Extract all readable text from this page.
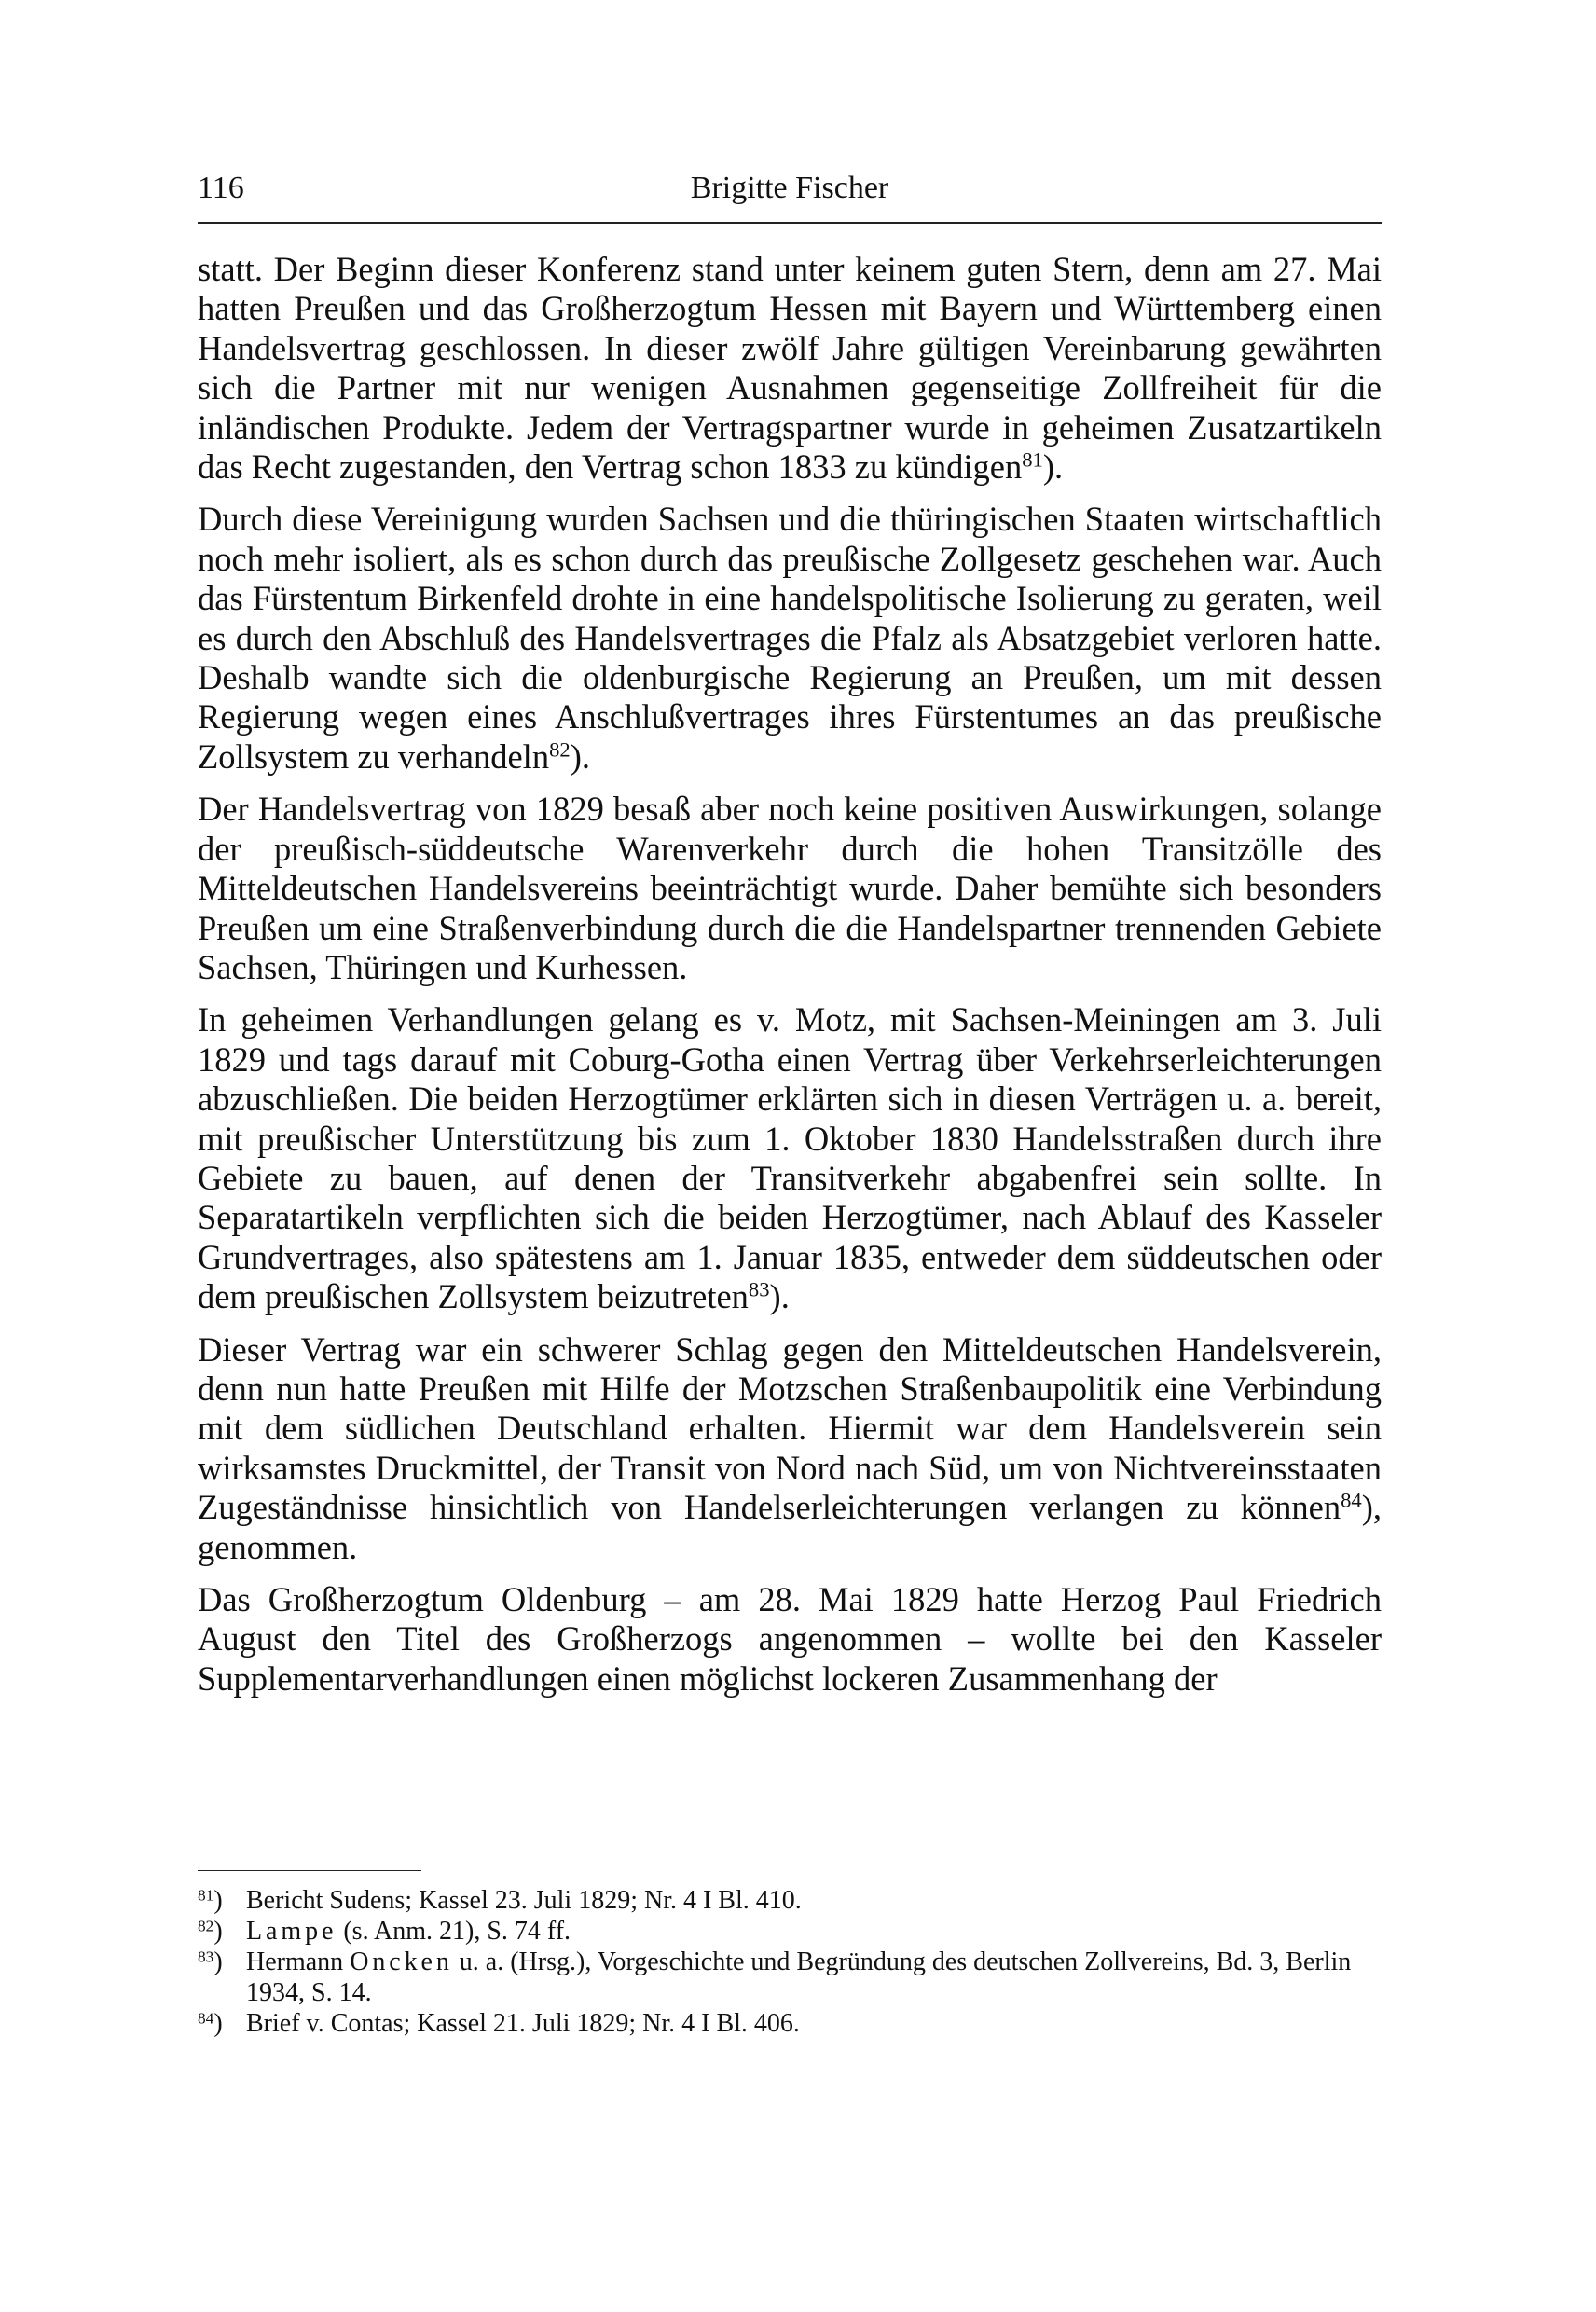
116	Brigitte Fischer

statt. Der Beginn dieser Konferenz stand unter keinem guten Stern, denn am 27. Mai hatten Preußen und das Großherzogtum Hessen mit Bayern und Württemberg einen Handelsvertrag geschlossen. In dieser zwölf Jahre gültigen Vereinbarung gewährten sich die Partner mit nur wenigen Ausnahmen gegenseitige Zollfreiheit für die inländischen Produkte. Jedem der Vertragspartner wurde in geheimen Zusatzartikeln das Recht zugestanden, den Vertrag schon 1833 zu kündigen$^{81}$).

Durch diese Vereinigung wurden Sachsen und die thüringischen Staaten wirtschaftlich noch mehr isoliert, als es schon durch das preußische Zollgesetz geschehen war. Auch das Fürstentum Birkenfeld drohte in eine handelspolitische Isolierung zu geraten, weil es durch den Abschluß des Handelsvertrages die Pfalz als Absatzgebiet verloren hatte. Deshalb wandte sich die oldenburgische Regierung an Preußen, um mit dessen Regierung wegen eines Anschlußvertrages ihres Fürstentumes an das preußische Zollsystem zu verhandeln$^{82}$).

Der Handelsvertrag von 1829 besaß aber noch keine positiven Auswirkungen, solange der preußisch-süddeutsche Warenverkehr durch die hohen Transitzölle des Mitteldeutschen Handelsvereins beeinträchtigt wurde. Daher bemühte sich besonders Preußen um eine Straßenverbindung durch die die Handelspartner trennenden Gebiete Sachsen, Thüringen und Kurhessen.

In geheimen Verhandlungen gelang es v. Motz, mit Sachsen-Meiningen am 3. Juli 1829 und tags darauf mit Coburg-Gotha einen Vertrag über Verkehrserleichterungen abzuschließen. Die beiden Herzogtümer erklärten sich in diesen Verträgen u. a. bereit, mit preußischer Unterstützung bis zum 1. Oktober 1830 Handelsstraßen durch ihre Gebiete zu bauen, auf denen der Transitverkehr abgabenfrei sein sollte. In Separatartikeln verpflichten sich die beiden Herzogtümer, nach Ablauf des Kasseler Grundvertrages, also spätestens am 1. Januar 1835, entweder dem süddeutschen oder dem preußischen Zollsystem beizutreten$^{83}$).

Dieser Vertrag war ein schwerer Schlag gegen den Mitteldeutschen Handelsverein, denn nun hatte Preußen mit Hilfe der Motzschen Straßenbaupolitik eine Verbindung mit dem südlichen Deutschland erhalten. Hiermit war dem Handelsverein sein wirksamstes Druckmittel, der Transit von Nord nach Süd, um von Nichtvereinsstaaten Zugeständnisse hinsichtlich von Handelserleichterungen verlangen zu können$^{84}$), genommen.

Das Großherzogtum Oldenburg – am 28. Mai 1829 hatte Herzog Paul Friedrich August den Titel des Großherzogs angenommen – wollte bei den Kasseler Supplementarverhandlungen einen möglichst lockeren Zusammenhang der

$^{81}$) Bericht Sudens; Kassel 23. Juli 1829; Nr. 4 I Bl. 410.
$^{82}$) Lampe (s. Anm. 21), S. 74 ff.
$^{83}$) Hermann Oncken u. a. (Hrsg.), Vorgeschichte und Begründung des deutschen Zollvereins, Bd. 3, Berlin 1934, S. 14.
$^{84}$) Brief v. Contas; Kassel 21. Juli 1829; Nr. 4 I Bl. 406.
